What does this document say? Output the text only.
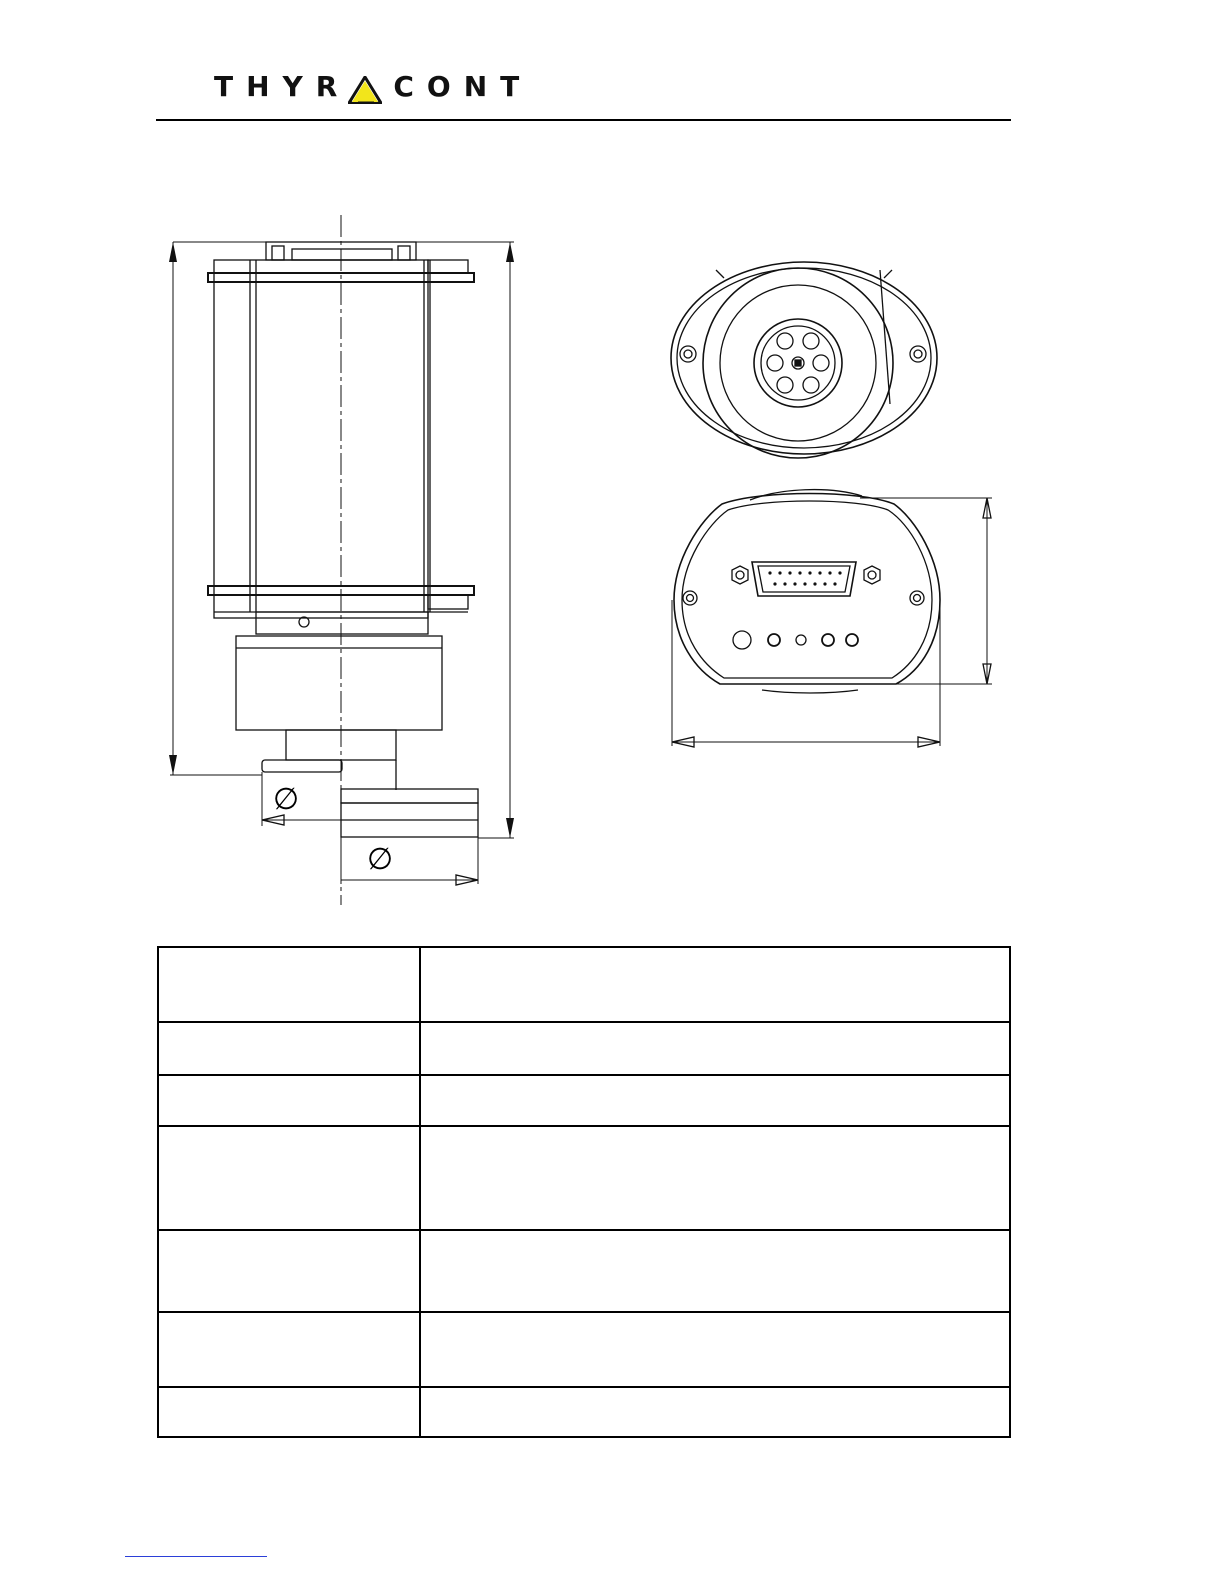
THYR CONT
∅
∅
